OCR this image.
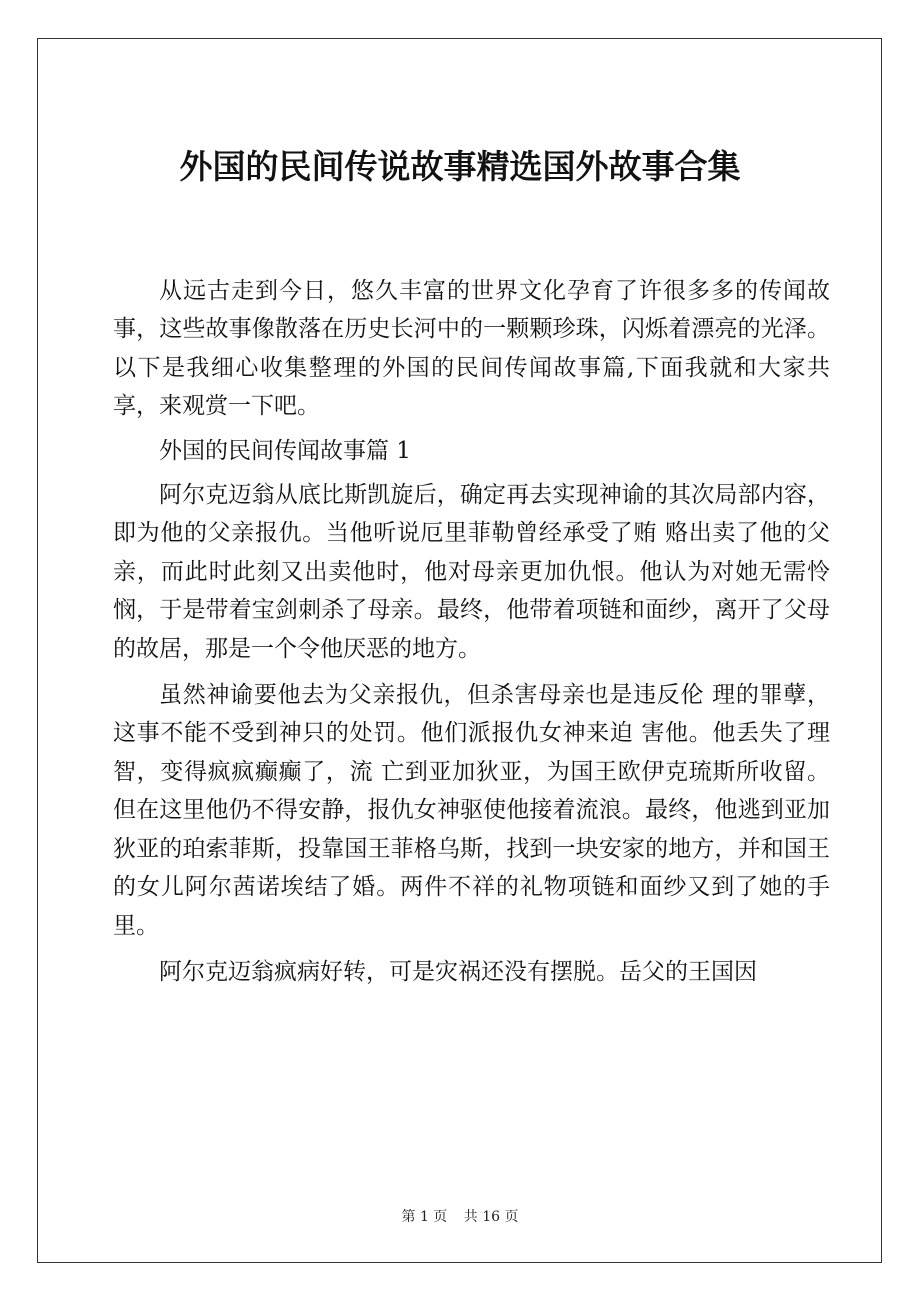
外国的民间传说故事精选国外故事合集

从远古走到今日，悠久丰富的世界文化孕育了许很多多的传闻故事，这些故事像散落在历史长河中的一颗颗珍珠，闪烁着漂亮的光泽。以下是我细心收集整理的外国的民间传闻故事篇,下面我就和大家共享，来观赏一下吧。

外国的民间传闻故事篇 1

阿尔克迈翁从底比斯凯旋后，确定再去实现神谕的其次局部内容，即为他的父亲报仇。当他听说厄里菲勒曾经承受了贿 赂出卖了他的父亲，而此时此刻又出卖他时，他对母亲更加仇恨。他认为对她无需怜悯，于是带着宝剑刺杀了母亲。最终，他带着项链和面纱，离开了父母的故居，那是一个令他厌恶的地方。

虽然神谕要他去为父亲报仇，但杀害母亲也是违反伦 理的罪孽，这事不能不受到神只的处罚。他们派报仇女神来迫 害他。他丢失了理智，变得疯疯癫癫了，流 亡到亚加狄亚，为国王欧伊克琉斯所收留。但在这里他仍不得安静，报仇女神驱使他接着流浪。最终，他逃到亚加狄亚的珀索菲斯，投靠国王菲格乌斯，找到一块安家的地方，并和国王的女儿阿尔茜诺埃结了婚。两件不祥的礼物项链和面纱又到了她的手里。

阿尔克迈翁疯病好转，可是灾祸还没有摆脱。岳父的王国因

第 1 页 共 16 页
